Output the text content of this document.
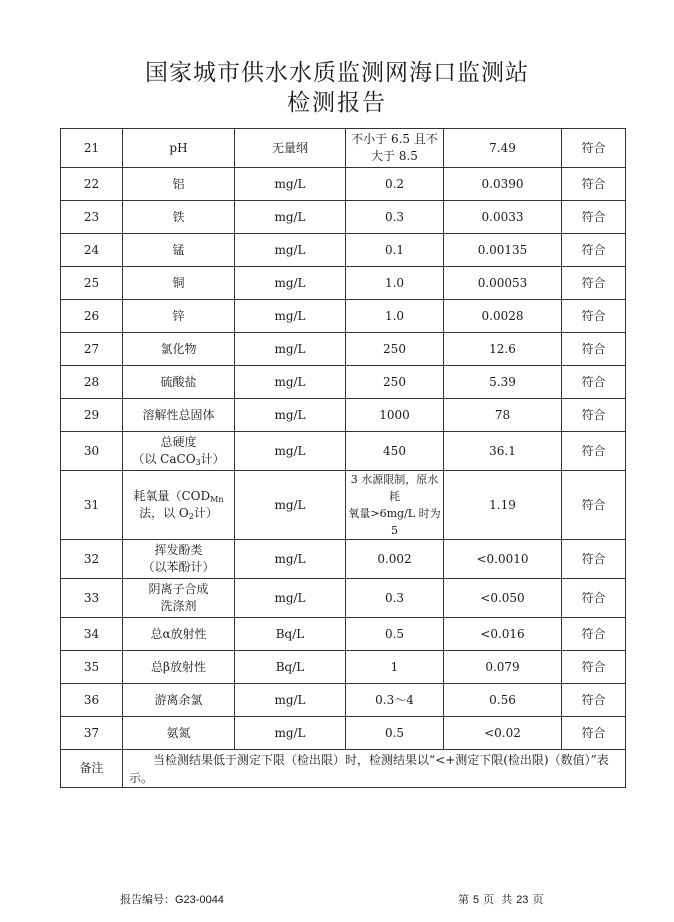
国家城市供水水质监测网海口监测站
检测报告
21	pH	无量纲	不小于 6.5 且不大于 8.5	7.49	符合
22	铝	mg/L	0.2	0.0390	符合
23	铁	mg/L	0.3	0.0033	符合
24	锰	mg/L	0.1	0.00135	符合
25	铜	mg/L	1.0	0.00053	符合
26	锌	mg/L	1.0	0.0028	符合
27	氯化物	mg/L	250	12.6	符合
28	硫酸盐	mg/L	250	5.39	符合
29	溶解性总固体	mg/L	1000	78	符合
30	总硬度
（以 CaCO$_3$计）	mg/L	450	36.1	符合
31	耗氧量（$COD_{Mn}$
法，以 $O_2$计）	mg/L	3 水源限制，原水耗
氧量>6mg/L 时为 5	1.19	符合
32	挥发酚类
（以苯酚计）	mg/L	0.002	<0.0010	符合
33	阴离子合成
洗涤剂	mg/L	0.3	<0.050	符合
34	总α放射性	Bq/L	0.5	<0.016	符合
35	总β放射性	Bq/L	1	0.079	符合
36	游离余氯	mg/L	0.3～4	0.56	符合
37	氨氮	mg/L	0.5	<0.02	符合
备注	当检测结果低于测定下限（检出限）时，检测结果以“<+测定下限(检出限)（数值）”表示。				
报告编号：G23-0044	第 5 页 共 23 页
